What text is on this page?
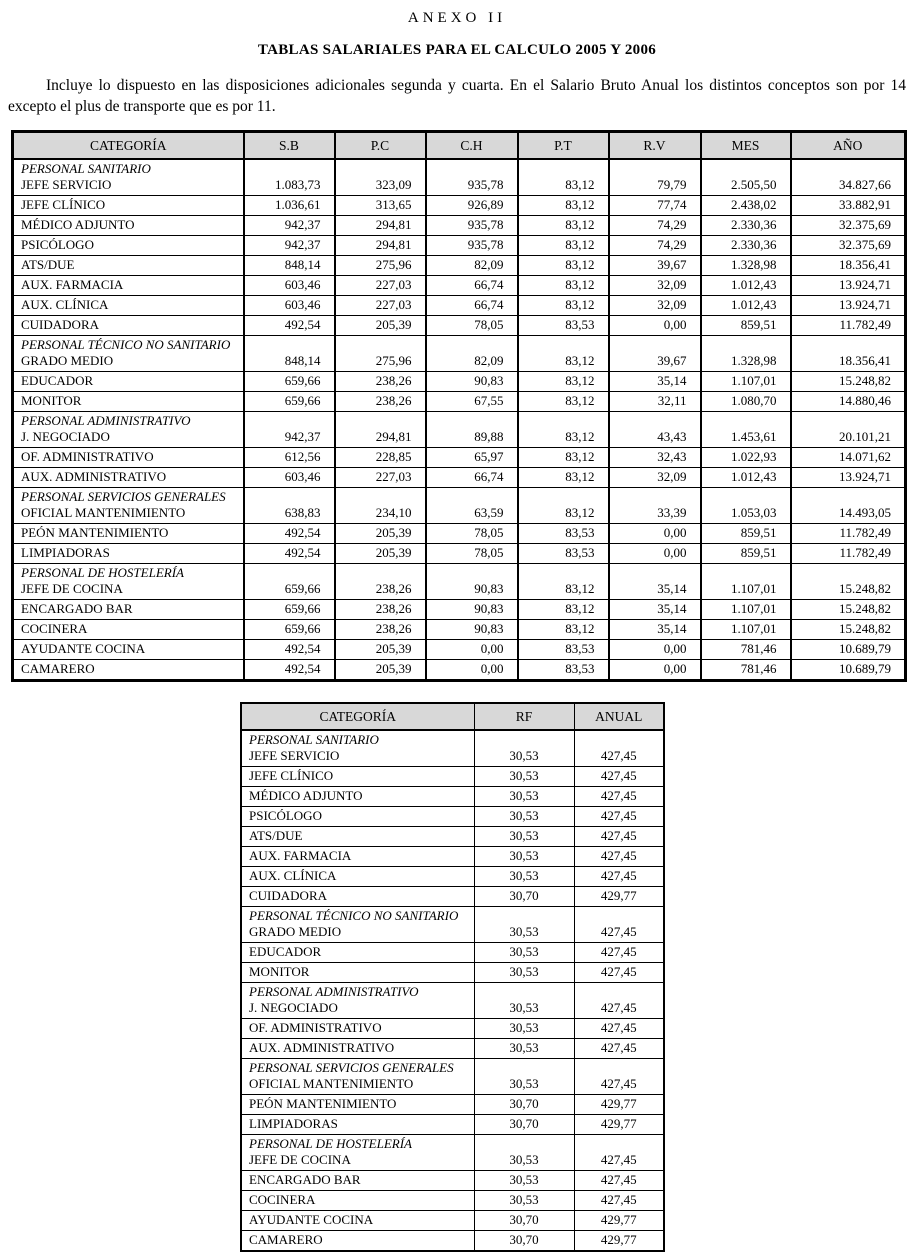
ANEXO II
TABLAS SALARIALES PARA EL CALCULO 2005 Y 2006

Incluye lo dispuesto en las disposiciones adicionales segunda y cuarta. En el Salario Bruto Anual los distintos conceptos son por 14 excepto el plus de transporte que es por 11.

CATEGORÍA	S.B	P.C	C.H	P.T	R.V	MES	AÑO

PERSONAL SANITARIO
JEFE SERVICIO	1.083,73	323,09	935,78	83,12	79,79	2.505,50	34.827,66

JEFE CLÍNICO	1.036,61	313,65	926,89	83,12	77,74	2.438,02	33.882,91

MÉDICO ADJUNTO	942,37	294,81	935,78	83,12	74,29	2.330,36	32.375,69

PSICÓLOGO	942,37	294,81	935,78	83,12	74,29	2.330,36	32.375,69

ATS/DUE	848,14	275,96	82,09	83,12	39,67	1.328,98	18.356,41

AUX. FARMACIA	603,46	227,03	66,74	83,12	32,09	1.012,43	13.924,71

AUX. CLÍNICA	603,46	227,03	66,74	83,12	32,09	1.012,43	13.924,71

CUIDADORA	492,54	205,39	78,05	83,53	0,00	859,51	11.782,49

PERSONAL TÉCNICO NO SANITARIO
GRADO MEDIO	848,14	275,96	82,09	83,12	39,67	1.328,98	18.356,41

EDUCADOR	659,66	238,26	90,83	83,12	35,14	1.107,01	15.248,82

MONITOR	659,66	238,26	67,55	83,12	32,11	1.080,70	14.880,46

PERSONAL ADMINISTRATIVO
J. NEGOCIADO	942,37	294,81	89,88	83,12	43,43	1.453,61	20.101,21

OF. ADMINISTRATIVO	612,56	228,85	65,97	83,12	32,43	1.022,93	14.071,62

AUX. ADMINISTRATIVO	603,46	227,03	66,74	83,12	32,09	1.012,43	13.924,71

PERSONAL SERVICIOS GENERALES
OFICIAL MANTENIMIENTO	638,83	234,10	63,59	83,12	33,39	1.053,03	14.493,05

PEÓN MANTENIMIENTO	492,54	205,39	78,05	83,53	0,00	859,51	11.782,49

LIMPIADORAS	492,54	205,39	78,05	83,53	0,00	859,51	11.782,49

PERSONAL DE HOSTELERÍA
JEFE DE COCINA	659,66	238,26	90,83	83,12	35,14	1.107,01	15.248,82

ENCARGADO BAR	659,66	238,26	90,83	83,12	35,14	1.107,01	15.248,82

COCINERA	659,66	238,26	90,83	83,12	35,14	1.107,01	15.248,82

AYUDANTE COCINA	492,54	205,39	0,00	83,53	0,00	781,46	10.689,79

CAMARERO	492,54	205,39	0,00	83,53	0,00	781,46	10.689,79
CATEGORÍA	RF	ANUAL

PERSONAL SANITARIO
JEFE SERVICIO	30,53	427,45

JEFE CLÍNICO	30,53	427,45

MÉDICO ADJUNTO	30,53	427,45

PSICÓLOGO	30,53	427,45

ATS/DUE	30,53	427,45

AUX. FARMACIA	30,53	427,45

AUX. CLÍNICA	30,53	427,45

CUIDADORA	30,70	429,77

PERSONAL TÉCNICO NO SANITARIO
GRADO MEDIO	30,53	427,45

EDUCADOR	30,53	427,45

MONITOR	30,53	427,45

PERSONAL ADMINISTRATIVO
J. NEGOCIADO	30,53	427,45

OF. ADMINISTRATIVO	30,53	427,45

AUX. ADMINISTRATIVO	30,53	427,45

PERSONAL SERVICIOS GENERALES
OFICIAL MANTENIMIENTO	30,53	427,45

PEÓN MANTENIMIENTO	30,70	429,77

LIMPIADORAS	30,70	429,77

PERSONAL DE HOSTELERÍA
JEFE DE COCINA	30,53	427,45

ENCARGADO BAR	30,53	427,45

COCINERA	30,53	427,45

AYUDANTE COCINA	30,70	429,77

CAMARERO	30,70	429,77
